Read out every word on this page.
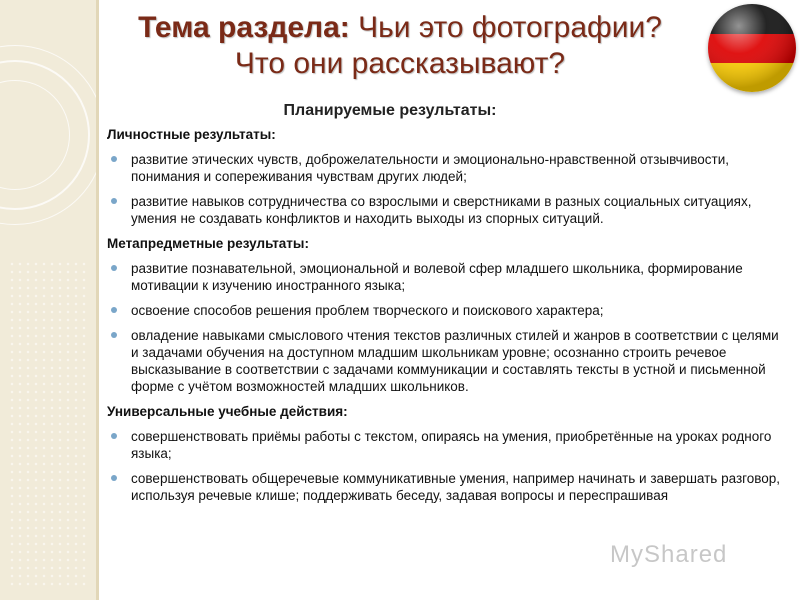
Тема раздела: Чьи это фотографии?
Что они рассказывают?
Планируемые результаты:
Личностные результаты:
развитие этических чувств, доброжелательности и эмоционально-нравственной отзывчивости, понимания и сопереживания чувствам других людей;
развитие навыков сотрудничества со взрослыми и сверстниками в разных социальных ситуациях, умения не создавать конфликтов и находить выходы из спорных ситуаций.
Метапредметные результаты:
развитие познавательной, эмоциональной и волевой сфер младшего школьника, формирование мотивации к изучению иностранного языка;
освоение способов решения проблем творческого и поискового характера;
овладение навыками смыслового чтения текстов различных стилей и жанров в соответствии с целями и задачами обучения на доступном младшим школьникам уровне; осознанно строить речевое высказывание в соответствии с задачами коммуникации и составлять тексты в устной и письменной форме с учётом возможностей младших школьников.
Универсальные учебные действия:
совершенствовать приёмы работы с текстом, опираясь на умения, приобретённые на уроках родного языка;
совершенствовать общеречевые коммуникативные умения, например начинать и завершать разговор, используя речевые клише; поддерживать беседу, задавая вопросы и переспрашивая
MyShared
